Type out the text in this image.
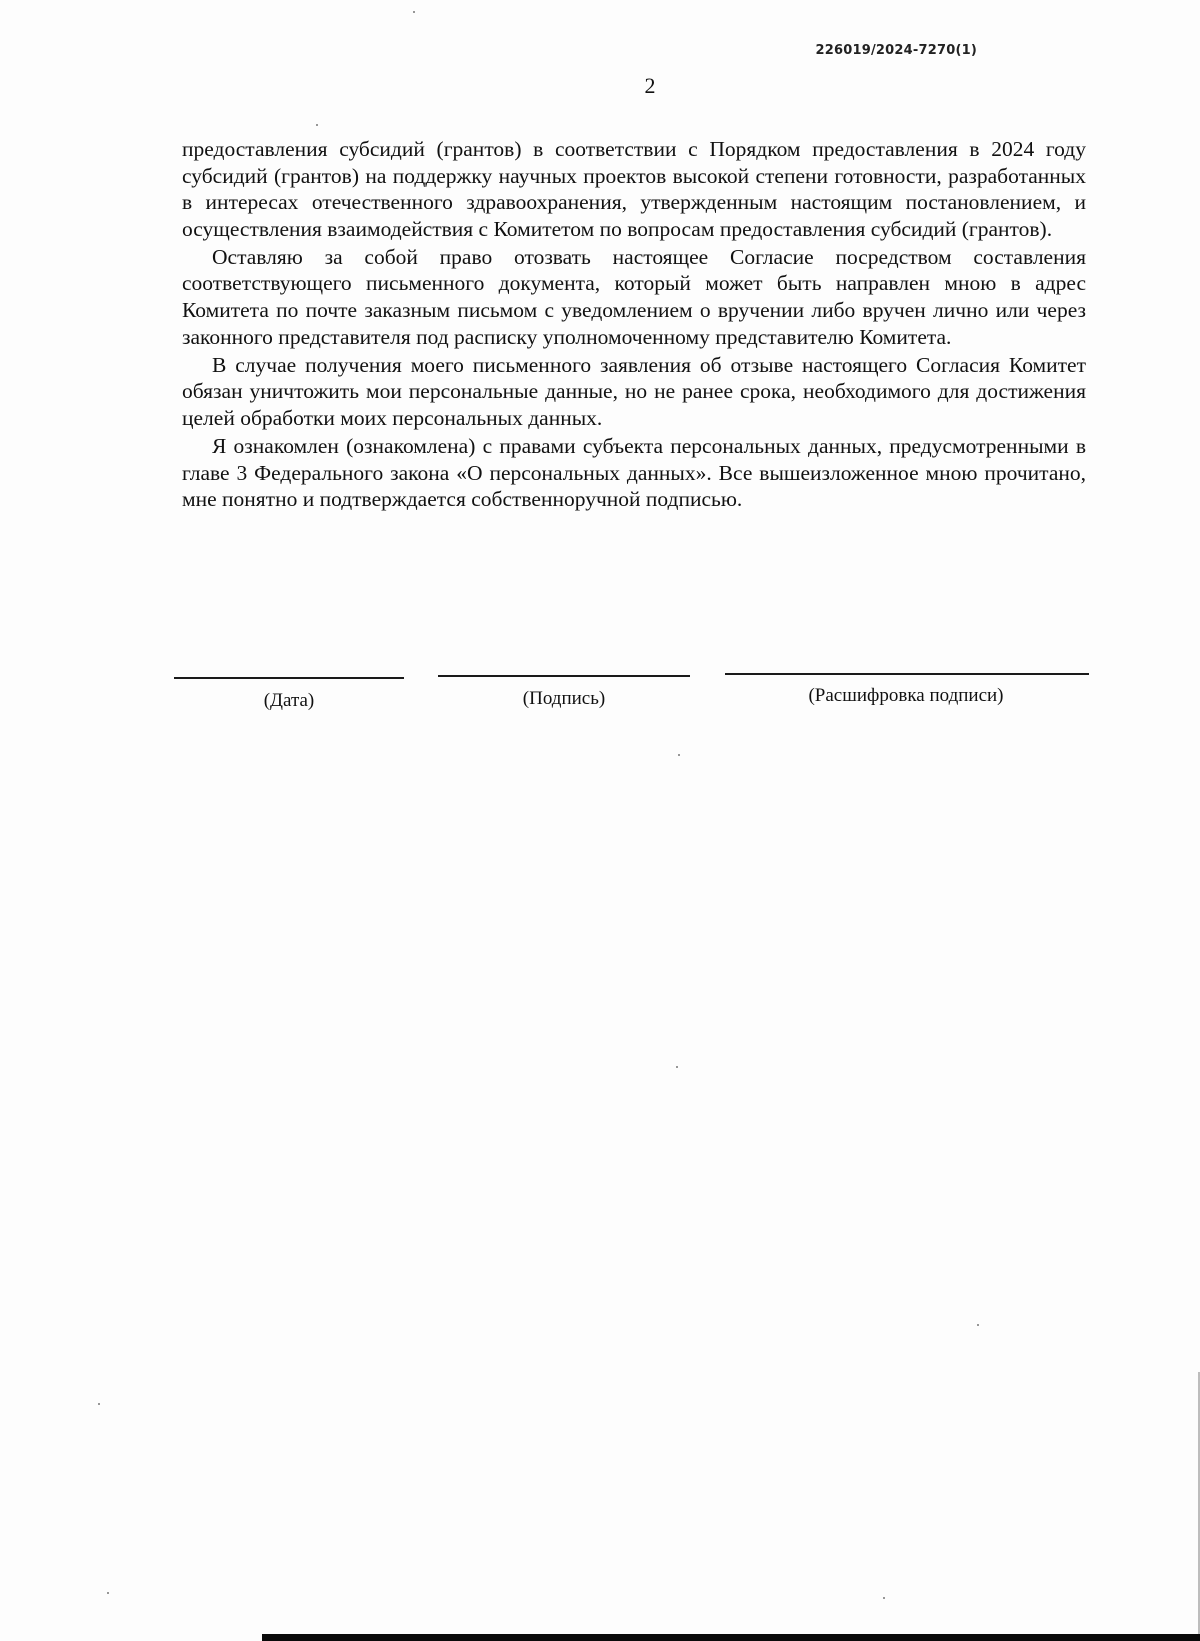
226019/2024-7270(1)
2

предоставления субсидий (грантов) в соответствии с Порядком предоставления в 2024 году субсидий (грантов) на поддержку научных проектов высокой степени готовности, разработанных в интересах отечественного здравоохранения, утвержденным настоящим постановлением, и осуществления взаимодействия с Комитетом по вопросам предоставления субсидий (грантов).

Оставляю за собой право отозвать настоящее Согласие посредством составления соответствующего письменного документа, который может быть направлен мною в адрес Комитета по почте заказным письмом с уведомлением о вручении либо вручен лично или через законного представителя под расписку уполномоченному представителю Комитета.

В случае получения моего письменного заявления об отзыве настоящего Согласия Комитет обязан уничтожить мои персональные данные, но не ранее срока, необходимого для достижения целей обработки моих персональных данных.

Я ознакомлен (ознакомлена) с правами субъекта персональных данных, предусмотренными в главе 3 Федерального закона «О персональных данных». Все вышеизложенное мною прочитано, мне понятно и подтверждается собственноручной подписью.

(Дата)	(Подпись)	(Расшифровка подписи)
